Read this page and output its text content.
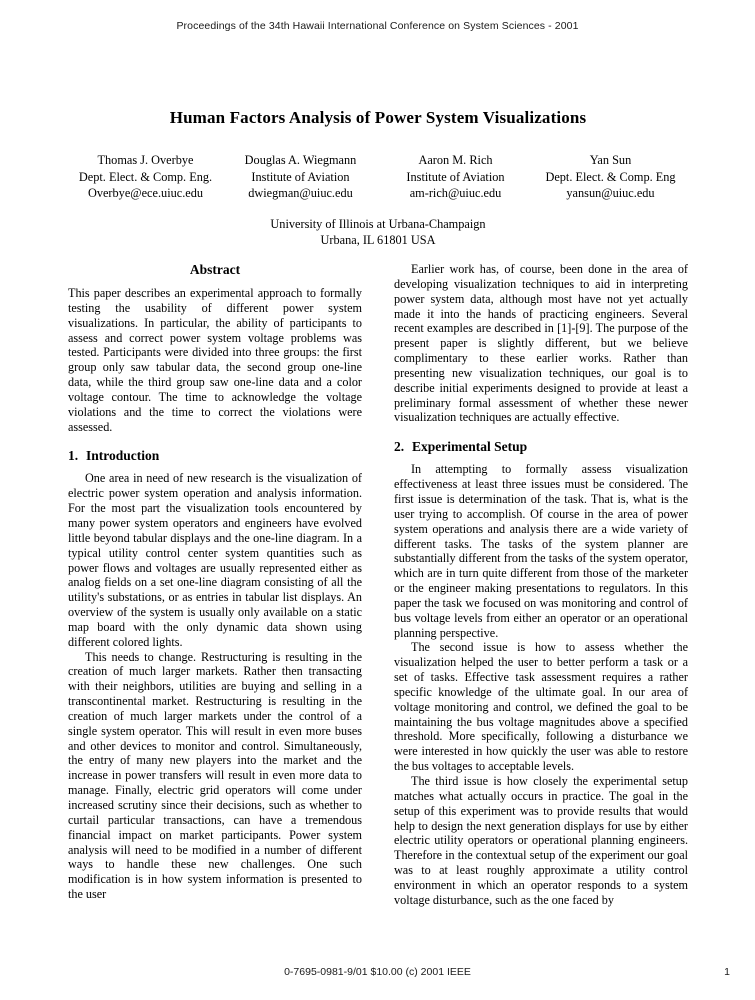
Proceedings of the 34th Hawaii International Conference on System Sciences - 2001
Human Factors Analysis of Power System Visualizations
Thomas J. Overbye
Dept. Elect. & Comp. Eng.
Overbye@ece.uiuc.edu
Douglas A. Wiegmann
Institute of Aviation
dwiegman@uiuc.edu
Aaron M. Rich
Institute of Aviation
am-rich@uiuc.edu
Yan Sun
Dept. Elect. & Comp. Eng
yansun@uiuc.edu
University of Illinois at Urbana-Champaign
Urbana, IL 61801 USA
Abstract

This paper describes an experimental approach to formally testing the usability of different power system visualizations. In particular, the ability of participants to assess and correct power system voltage problems was tested. Participants were divided into three groups: the first group only saw tabular data, the second group one-line data, while the third group saw one-line data and a color voltage contour. The time to acknowledge the voltage violations and the time to correct the violations were assessed.

1. Introduction

One area in need of new research is the visualization of electric power system operation and analysis information. For the most part the visualization tools encountered by many power system operators and engineers have evolved little beyond tabular displays and the one-line diagram. In a typical utility control center system quantities such as power flows and voltages are usually represented either as analog fields on a set one-line diagram consisting of all the utility's substations, or as entries in tabular list displays. An overview of the system is usually only available on a static map board with the only dynamic data shown using different colored lights.

This needs to change. Restructuring is resulting in the creation of much larger markets. Rather then transacting with their neighbors, utilities are buying and selling in a transcontinental market. Restructuring is resulting in the creation of much larger markets under the control of a single system operator. This will result in even more buses and other devices to monitor and control. Simultaneously, the entry of many new players into the market and the increase in power transfers will result in even more data to manage. Finally, electric grid operators will come under increased scrutiny since their decisions, such as whether to curtail particular transactions, can have a tremendous financial impact on market participants. Power system analysis will need to be modified in a number of different ways to handle these new challenges. One such modification is in how system information is presented to the user

Earlier work has, of course, been done in the area of developing visualization techniques to aid in interpreting power system data, although most have not yet actually made it into the hands of practicing engineers. Several recent examples are described in [1]-[9]. The purpose of the present paper is slightly different, but we believe complimentary to these earlier works. Rather than presenting new visualization techniques, our goal is to describe initial experiments designed to provide at least a preliminary formal assessment of whether these newer visualization techniques are actually effective.

2. Experimental Setup

In attempting to formally assess visualization effectiveness at least three issues must be considered. The first issue is determination of the task. That is, what is the user trying to accomplish. Of course in the area of power system operations and analysis there are a wide variety of different tasks. The tasks of the system planner are substantially different from the tasks of the system operator, which are in turn quite different from those of the marketer or the engineer making presentations to regulators. In this paper the task we focused on was monitoring and control of bus voltage levels from either an operator or an operational planning perspective.

The second issue is how to assess whether the visualization helped the user to better perform a task or a set of tasks. Effective task assessment requires a rather specific knowledge of the ultimate goal. In our area of voltage monitoring and control, we defined the goal to be maintaining the bus voltage magnitudes above a specified threshold. More specifically, following a disturbance we were interested in how quickly the user was able to restore the bus voltages to acceptable levels.

The third issue is how closely the experimental setup matches what actually occurs in practice. The goal in the setup of this experiment was to provide results that would help to design the next generation displays for use by either electric utility operators or operational planning engineers. Therefore in the contextual setup of the experiment our goal was to at least roughly approximate a utility control environment in which an operator responds to a system voltage disturbance, such as the one faced by

0-7695-0981-9/01 $10.00 (c) 2001 IEEE	1
